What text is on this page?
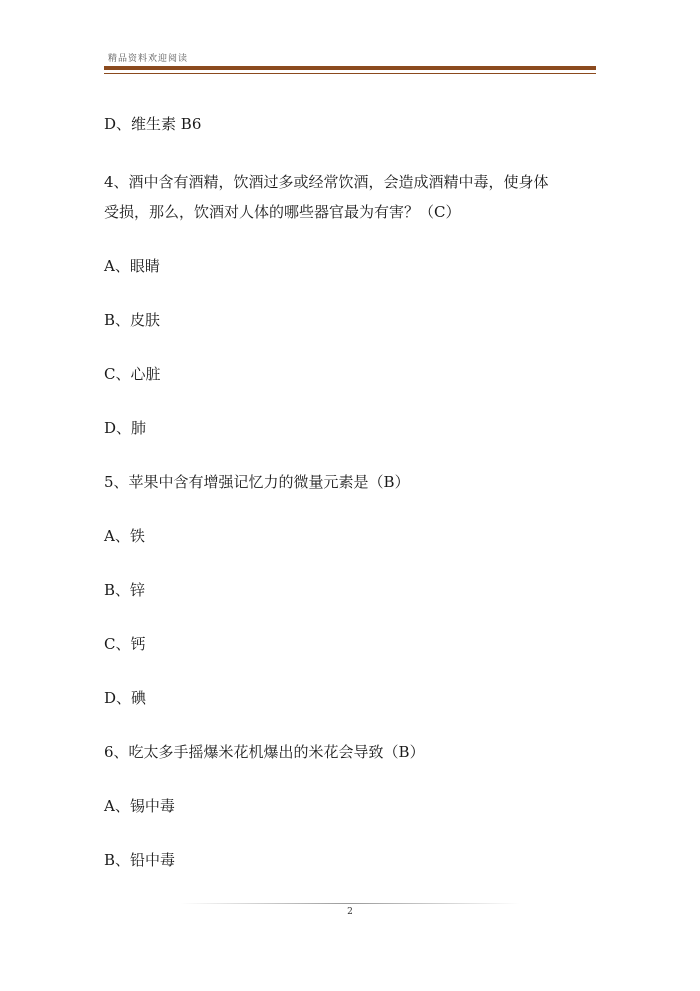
精品资料欢迎阅读
D、维生素 B6
4、酒中含有酒精，饮酒过多或经常饮酒，会造成酒精中毒，使身体
受损，那么，饮酒对人体的哪些器官最为有害？（C）
A、眼睛
B、皮肤
C、心脏
D、肺
5、苹果中含有增强记忆力的微量元素是（B）
A、铁
B、锌
C、钙
D、碘
6、吃太多手摇爆米花机爆出的米花会导致（B）
A、锡中毒
B、铅中毒
2
